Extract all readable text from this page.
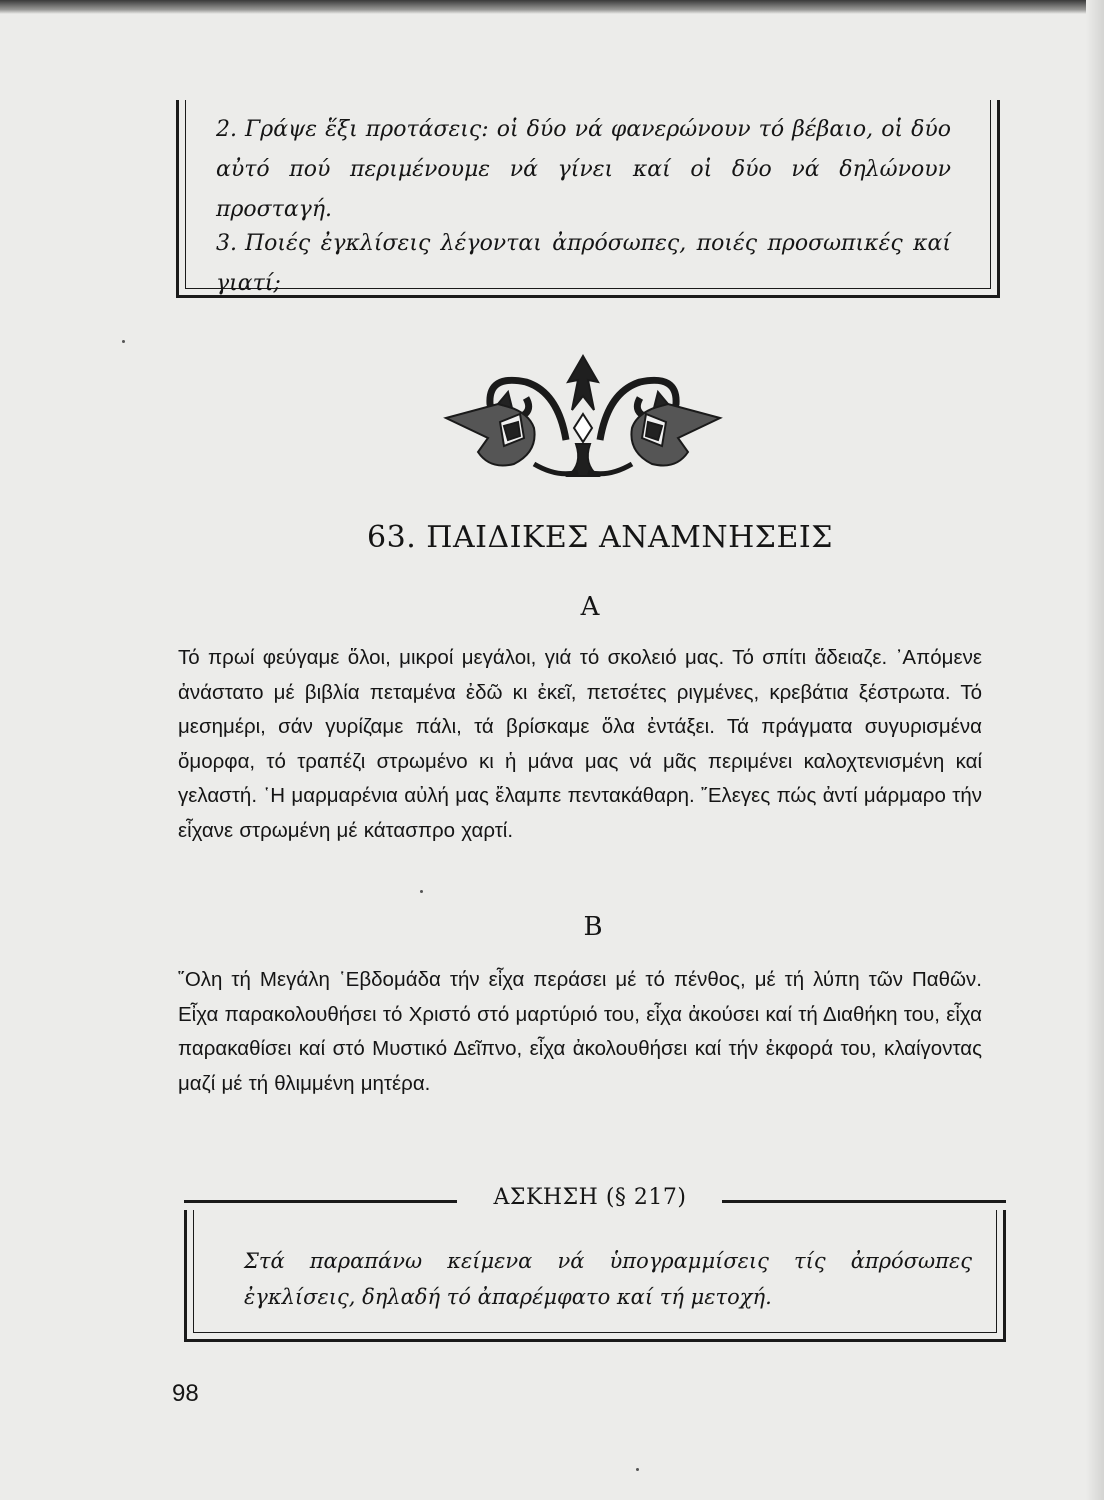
2. Γράψε ἕξι προτάσεις: οἱ δύο νά φανερώνουν τό βέβαιο, οἱ δύο αὐτό πού περιμένουμε νά γίνει καί οἱ δύο νά δηλώνουν προσταγή.
3. Ποιές ἐγκλίσεις λέγονται ἀπρόσωπες, ποιές προσωπικές καί γιατί;
63. ΠΑΙΔΙΚΕΣ ΑΝΑΜΝΗΣΕΙΣ
Α
Τό πρωί φεύγαμε ὅλοι, μικροί μεγάλοι, γιά τό σκολειό μας. Τό σπίτι ἄδειαζε. ᾿Απόμενε ἀνάστατο μέ βιβλία πεταμένα ἐδῶ κι ἐκεῖ, πετσέτες ριγμένες, κρεβάτια ξέστρωτα. Τό μεσημέρι, σάν γυρίζαμε πάλι, τά βρίσκαμε ὅλα ἐντάξει. Τά πράγματα συγυρισμένα ὄμορφα, τό τραπέζι στρωμένο κι ἡ μάνα μας νά μᾶς περιμένει καλοχτενισμένη καί γελαστή. ῾Η μαρμαρένια αὐλή μας ἔλαμπε πεντακάθαρη. ῎Ελεγες πώς ἀντί μάρμαρο τήν εἶχανε στρωμένη μέ κάτασπρο χαρτί.
Β
῞Ολη τή Μεγάλη ῾Εβδομάδα τήν εἶχα περάσει μέ τό πένθος, μέ τή λύπη τῶν Παθῶν. Εἶχα παρακολουθήσει τό Χριστό στό μαρτύριό του, εἶχα ἀκούσει καί τή Διαθήκη του, εἶχα παρακαθίσει καί στό Μυστικό Δεῖπνο, εἶχα ἀκολουθήσει καί τήν ἐκφορά του, κλαίγοντας μαζί μέ τή θλιμμένη μητέρα.
ΑΣΚΗΣΗ (§ 217)
Στά παραπάνω κείμενα νά ὑπογραμμίσεις τίς ἀπρόσωπες ἐγκλίσεις, δηλαδή τό ἀπαρέμφατο καί τή μετοχή.
98
